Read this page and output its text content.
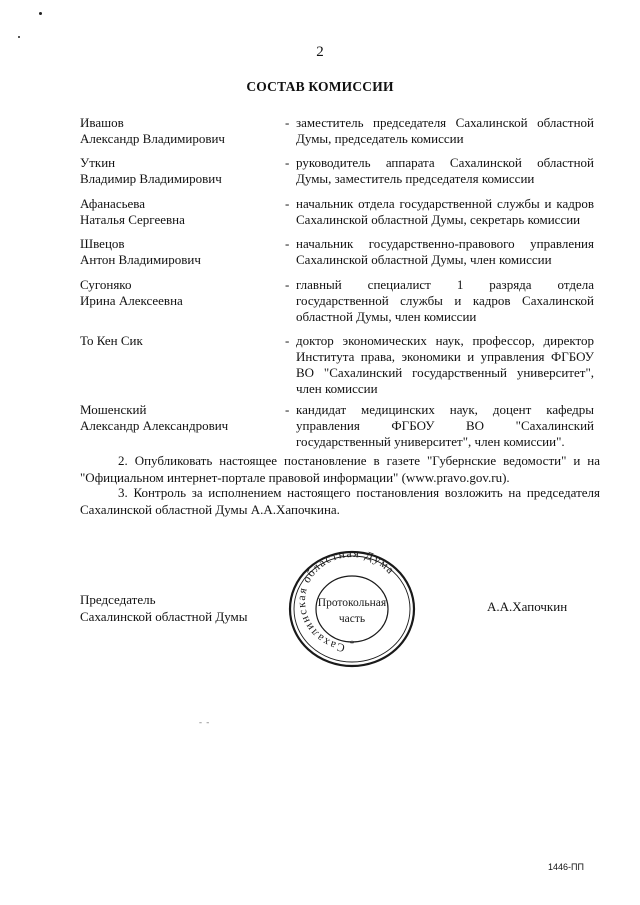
2
СОСТАВ КОМИССИИ
Ивашов
Александр Владимирович
- заместитель председателя Сахалинской областной Думы, председатель комиссии
Уткин
Владимир Владимирович
- руководитель аппарата Сахалинской областной Думы, заместитель председателя комиссии
Афанасьева
Наталья Сергеевна
- начальник отдела государственной службы и кадров Сахалинской областной Думы, секретарь комиссии
Швецов
Антон Владимирович
- начальник государственно-правового управления Сахалинской областной Думы, член комиссии
Сугоняко
Ирина Алексеевна
- главный специалист 1 разряда отдела государственной службы и кадров Сахалинской областной Думы, член комиссии
То Кен Сик	- доктор экономических наук, профессор, директор Института права, экономики и управления ФГБОУ ВО "Сахалинский государственный университет", член комиссии
Мошенский
Александр Александрович
- кандидат медицинских наук, доцент кафедры управления ФГБОУ ВО "Сахалинский государственный университет", член комиссии".
2. Опубликовать настоящее постановление в газете "Губернские ведомости" и на "Официальном интернет-портале правовой информации" (www.pravo.gov.ru).
3. Контроль за исполнением настоящего постановления возложить на председателя Сахалинской областной Думы А.А.Хапочкина.
Председатель
Сахалинской областной Думы
Сахалинская областная Дума
*
Протокольная
часть
А.А.Хапочкин
- -
1446-ПП
